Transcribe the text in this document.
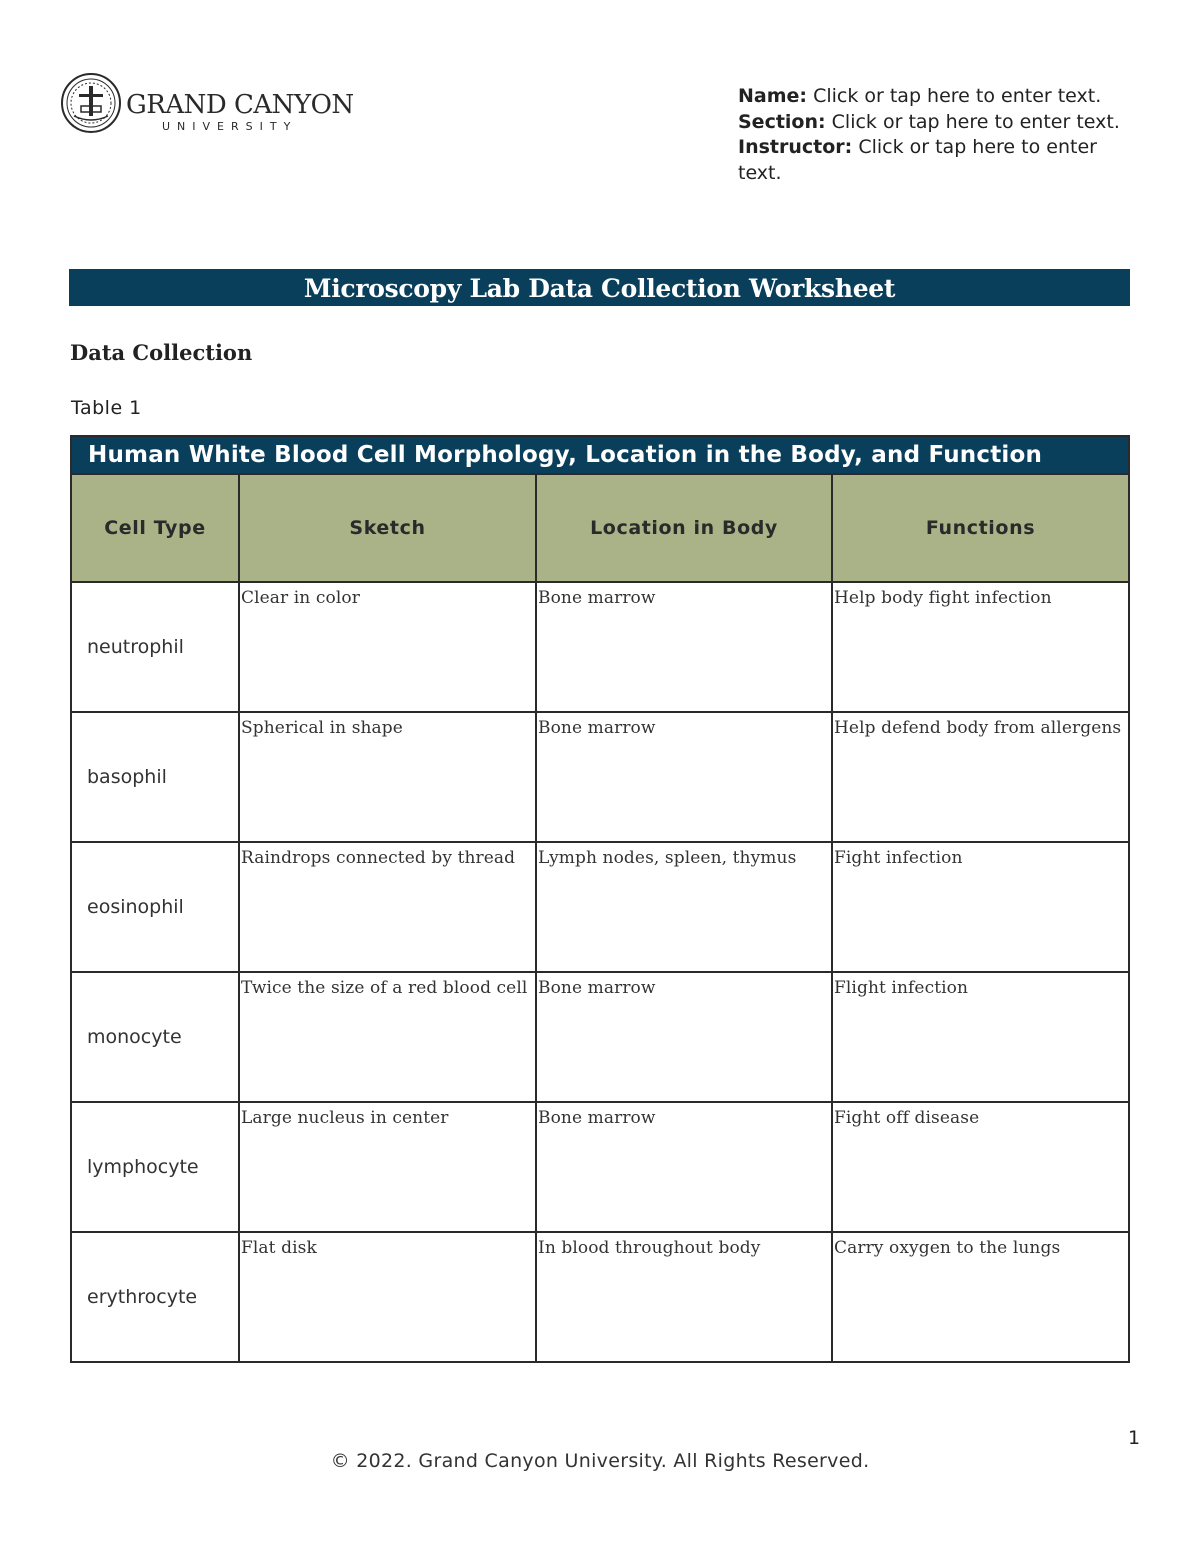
GRAND CANYON
UNIVERSITY
Name: Click or tap here to enter text.
Section: Click or tap here to enter text.
Instructor: Click or tap here to enter text.
Microscopy Lab Data Collection Worksheet
Data Collection
Table 1
Human White Blood Cell Morphology, Location in the Body, and Function			
Cell Type	Sketch	Location in Body	Functions
neutrophil	Clear in color	Bone marrow	Help body fight infection
basophil	Spherical in shape	Bone marrow	Help defend body from allergens
eosinophil	Raindrops connected by thread	Lymph nodes, spleen, thymus	Fight infection
monocyte	Twice the size of a red blood cell	Bone marrow	Flight infection
lymphocyte	Large nucleus in center	Bone marrow	Fight off disease
erythrocyte	Flat disk	In blood throughout body	Carry oxygen to the lungs
1
© 2022. Grand Canyon University. All Rights Reserved.
